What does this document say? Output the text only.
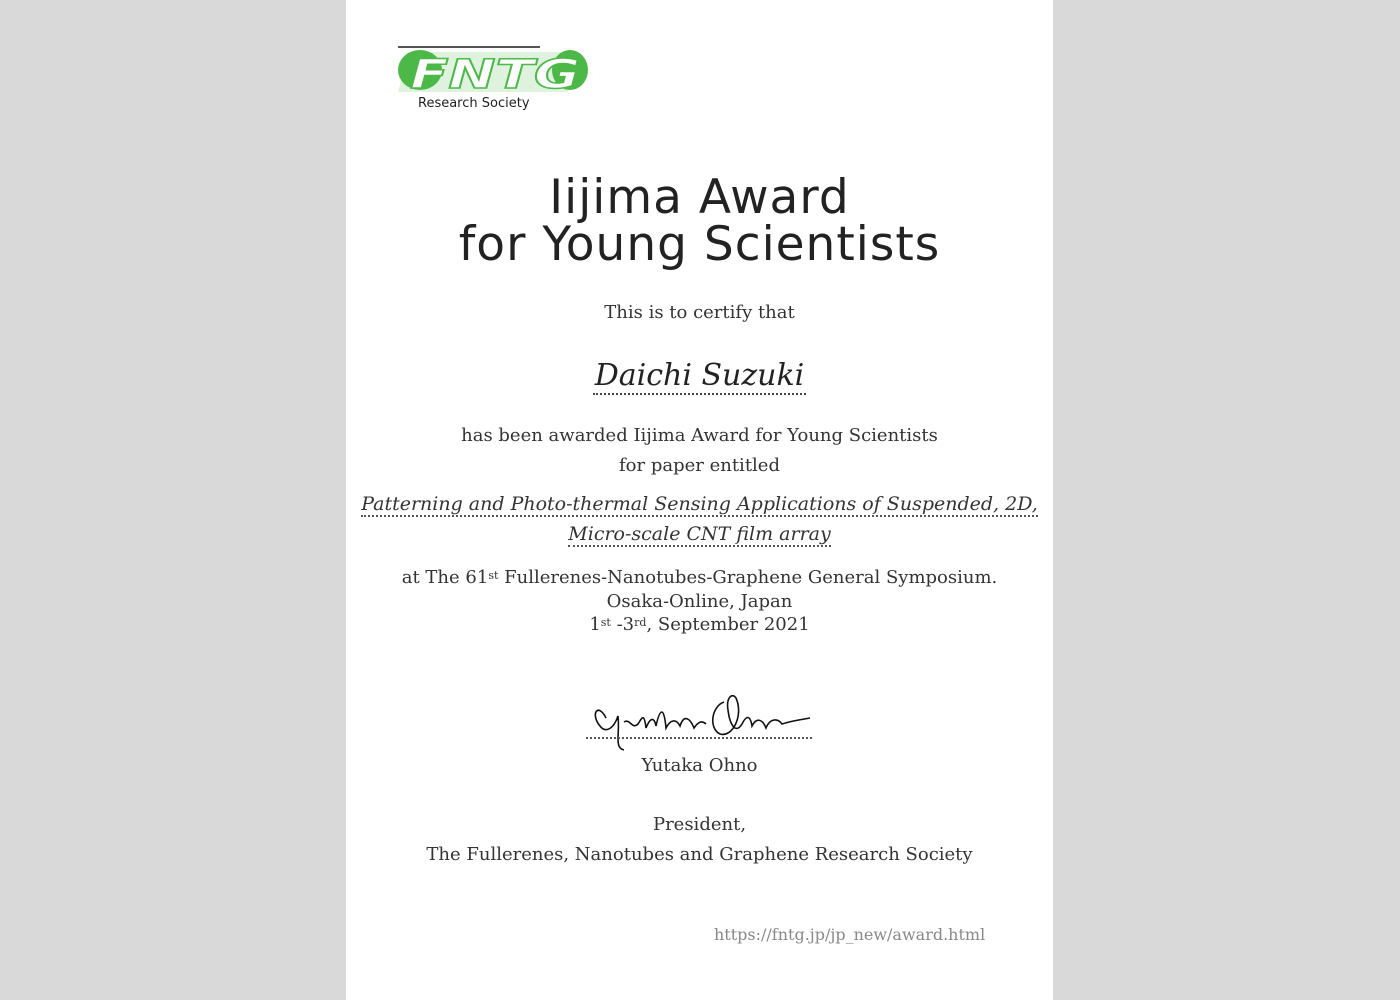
FNTG
Research Society
Iijima Award
for Young Scientists
This is to certify that
Daichi Suzuki
has been awarded Iijima Award for Young Scientists
for paper entitled
Patterning and Photo-thermal Sensing Applications of Suspended, 2D,
Micro-scale CNT film array
at The 61st Fullerenes-Nanotubes-Graphene General Symposium.
Osaka-Online, Japan
1st -3rd, September 2021
Yutaka Ohno
President,
The Fullerenes, Nanotubes and Graphene Research Society
https://fntg.jp/jp_new/award.html
